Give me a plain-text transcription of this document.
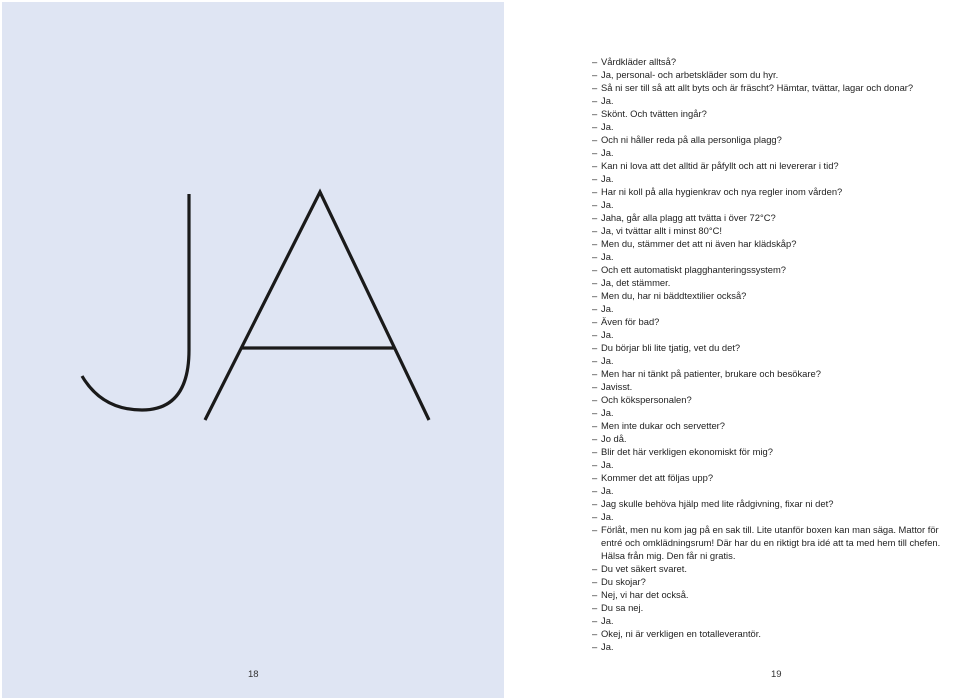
JA
18
– Vårdkläder alltså?
– Ja, personal- och arbetskläder som du hyr.
– Så ni ser till så att allt byts och är fräscht? Hämtar, tvättar, lagar och donar?
– Ja.
– Skönt. Och tvätten ingår?
– Ja.
– Och ni håller reda på alla personliga plagg?
– Ja.
– Kan ni lova att det alltid är påfyllt och att ni levererar i tid?
– Ja.
– Har ni koll på alla hygienkrav och nya regler inom vården?
– Ja.
– Jaha, går alla plagg att tvätta i över 72°C?
– Ja, vi tvättar allt i minst 80°C!
– Men du, stämmer det att ni även har klädskåp?
– Ja.
– Och ett automatiskt plagghanteringssystem?
– Ja, det stämmer.
– Men du, har ni bäddtextilier också?
– Ja.
– Även för bad?
– Ja.
– Du börjar bli lite tjatig, vet du det?
– Ja.
– Men har ni tänkt på patienter, brukare och besökare?
– Javisst.
– Och kökspersonalen?
– Ja.
– Men inte dukar och servetter?
– Jo då.
– Blir det här verkligen ekonomiskt för mig?
– Ja.
– Kommer det att följas upp?
– Ja.
– Jag skulle behöva hjälp med lite rådgivning, fixar ni det?
– Ja.
– Förlåt, men nu kom jag på en sak till. Lite utanför boxen kan man säga. Mattor för entré och omklädningsrum! Där har du en riktigt bra idé att ta med hem till chefen. Hälsa från mig. Den får ni gratis.
– Du vet säkert svaret.
– Du skojar?
– Nej, vi har det också.
– Du sa nej.
– Ja.
– Okej, ni är verkligen en totalleverantör.
– Ja.
19
